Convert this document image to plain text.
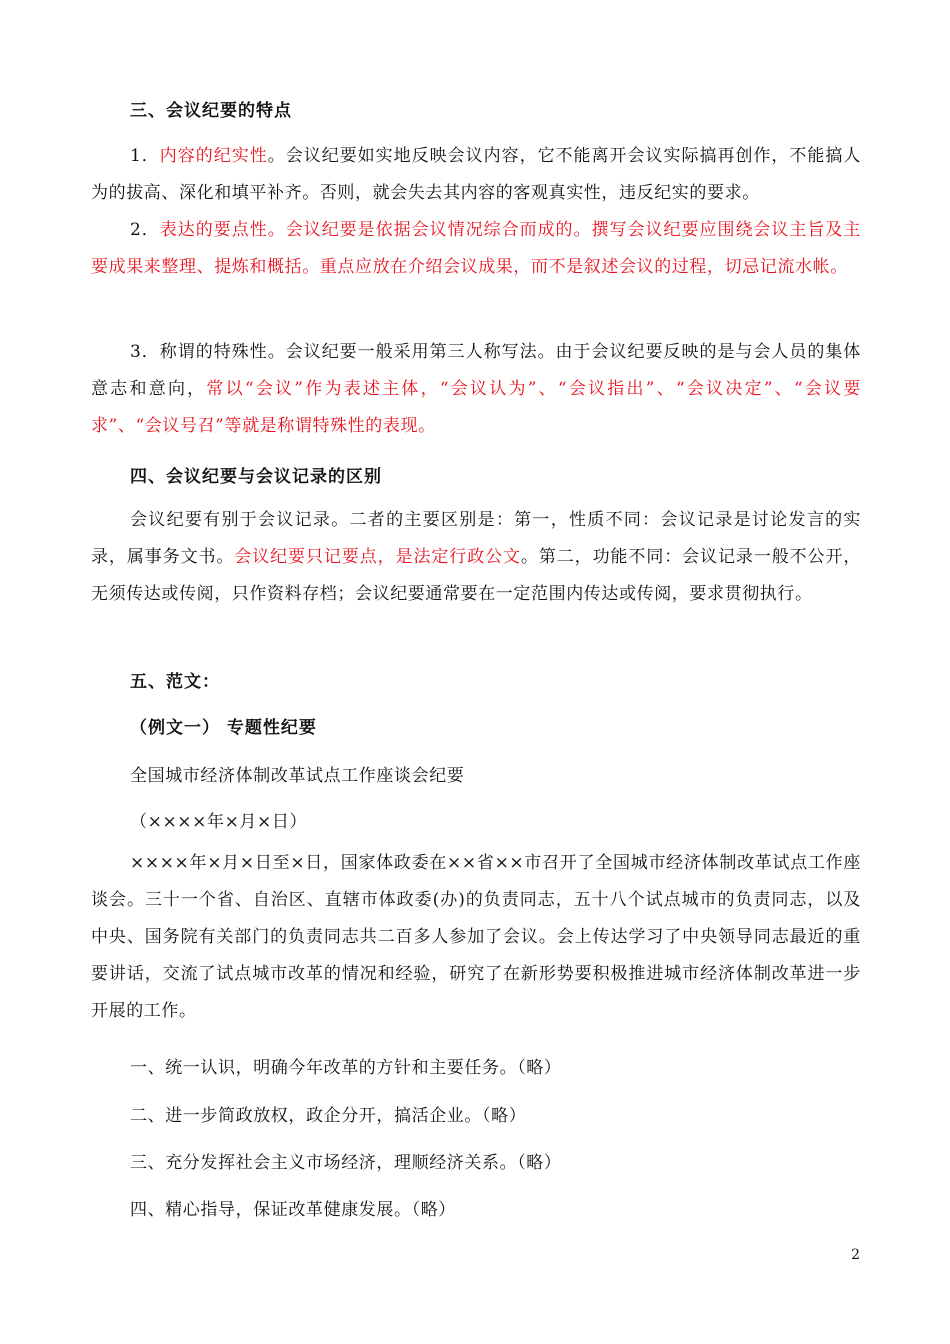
三、会议纪要的特点
1．内容的纪实性。会议纪要如实地反映会议内容，它不能离开会议实际搞再创作，不能搞人为的拔高、深化和填平补齐。否则，就会失去其内容的客观真实性，违反纪实的要求。
2．表达的要点性。会议纪要是依据会议情况综合而成的。撰写会议纪要应围绕会议主旨及主要成果来整理、提炼和概括。重点应放在介绍会议成果，而不是叙述会议的过程，切忌记流水帐。
3．称谓的特殊性。会议纪要一般采用第三人称写法。由于会议纪要反映的是与会人员的集体意志和意向，常以“会议”作为表述主体，“会议认为”、“会议指出”、“会议决定”、“会议要求”、“会议号召”等就是称谓特殊性的表现。
四、会议纪要与会议记录的区别
会议纪要有别于会议记录。二者的主要区别是：第一，性质不同：会议记录是讨论发言的实录，属事务文书。会议纪要只记要点，是法定行政公文。第二，功能不同：会议记录一般不公开，无须传达或传阅，只作资料存档；会议纪要通常要在一定范围内传达或传阅，要求贯彻执行。
五、范文：
（例文一） 专题性纪要
全国城市经济体制改革试点工作座谈会纪要
（××××年×月×日）
××××年×月×日至×日，国家体政委在××省××市召开了全国城市经济体制改革试点工作座谈会。三十一个省、自治区、直辖市体政委(办)的负责同志，五十八个试点城市的负责同志，以及中央、国务院有关部门的负责同志共二百多人参加了会议。会上传达学习了中央领导同志最近的重要讲话，交流了试点城市改革的情况和经验，研究了在新形势要积极推进城市经济体制改革进一步开展的工作。
一、统一认识，明确今年改革的方针和主要任务。（略）
二、进一步简政放权，政企分开，搞活企业。（略）
三、充分发挥社会主义市场经济，理顺经济关系。（略）
四、精心指导，保证改革健康发展。（略）
2
